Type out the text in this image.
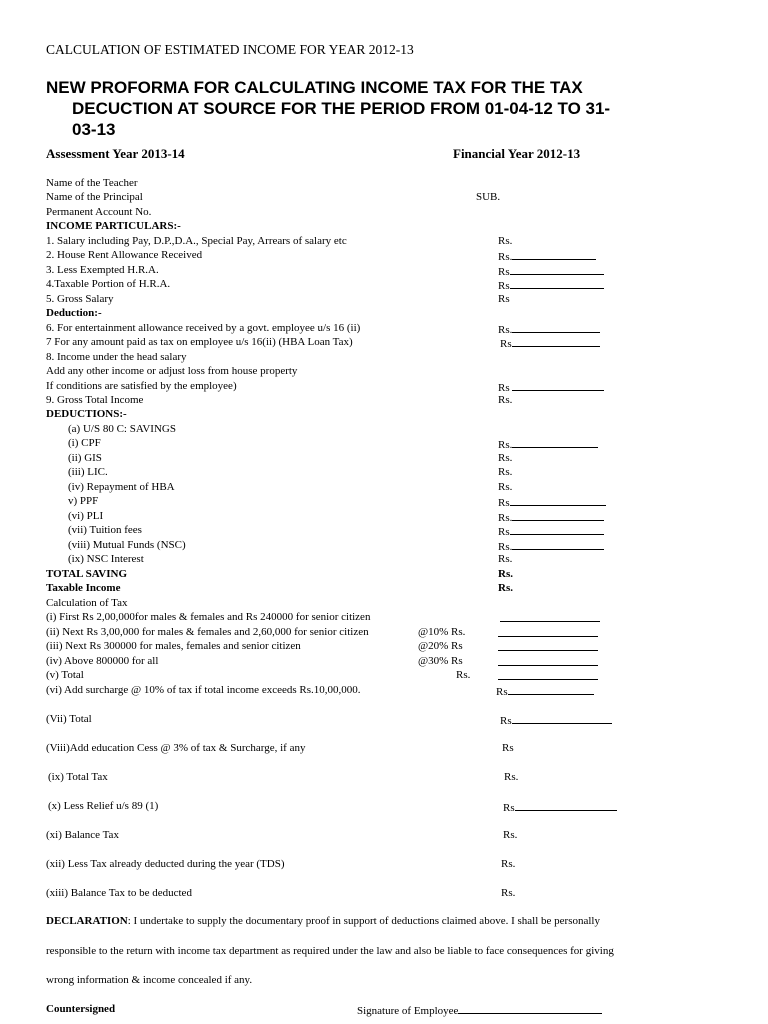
CALCULATION OF ESTIMATED INCOME FOR YEAR 2012-13
NEW PROFORMA FOR CALCULATING INCOME TAX FOR THE TAX
DECUCTION AT SOURCE FOR THE PERIOD FROM 01-04-12 TO 31-
03-13
Assessment Year 2013-14	Financial Year 2012-13
Name of the Teacher
Name of the Principal	SUB.
Permanent Account No.
INCOME PARTICULARS:-
1. Salary including Pay, D.P.,D.A., Special Pay, Arrears of salary etc	Rs.
2. House Rent Allowance Received	Rs.
3. Less Exempted H.R.A.	Rs
4.Taxable Portion of H.R.A.	Rs
5. Gross Salary	Rs
Deduction:-
6. For entertainment allowance received by a govt. employee u/s 16 (ii)	Rs.
7 For any amount paid as tax on employee u/s 16(ii) (HBA Loan Tax)	Rs
8. Income under the head salary
Add any other income or adjust loss from house property
If conditions are satisfied by the employee)	Rs
9. Gross Total Income	Rs.
DEDUCTIONS:-
(a) U/S 80 C: SAVINGS
(i) CPF	Rs.
(ii) GIS	Rs.
(iii) LIC.	Rs.
(iv) Repayment of HBA	Rs.
v) PPF	Rs
(vi) PLI	Rs.
(vii) Tuition fees	Rs
(viii) Mutual Funds (NSC)	Rs.
(ix) NSC Interest	Rs.
TOTAL SAVING	Rs.
Taxable Income	Rs.
Calculation of Tax
(i) First Rs 2,00,000for males & females and Rs 240000 for senior citizen
(ii) Next Rs 3,00,000 for males & females and 2,60,000 for senior citizen	@10% Rs.
(iii) Next Rs 300000 for males, females and senior citizen	@20% Rs
(iv) Above 800000 for all	@30% Rs
(v) Total	Rs.
(vi) Add surcharge @ 10% of tax if total income exceeds Rs.10,00,000.	Rs
(Vii) Total	Rs
(Viii)Add education Cess @ 3% of tax & Surcharge, if any	Rs
(ix) Total Tax	Rs.
(x) Less Relief u/s 89 (1)	Rs
(xi) Balance Tax	Rs.
(xii) Less Tax already deducted during the year (TDS)	Rs.
(xiii) Balance Tax to be deducted	Rs.
DECLARATION: I undertake to supply the documentary proof in support of deductions claimed above. I shall be personally
responsible to the return with income tax department as required under the law and also be liable to face consequences for giving
wrong information & income concealed if any.
Countersigned	Signature of Employee
